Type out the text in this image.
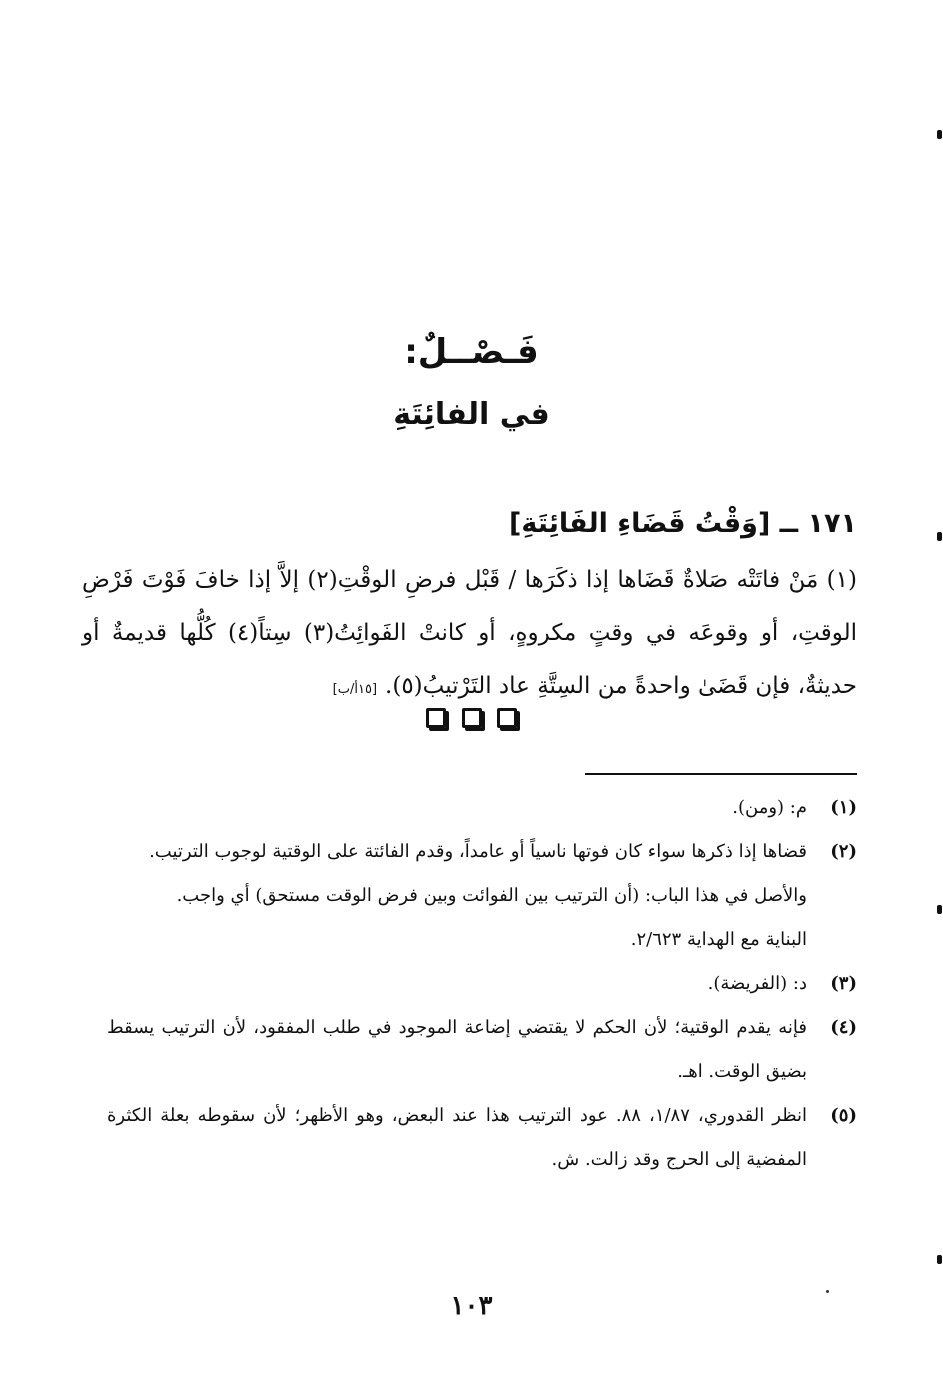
فَـصْــلٌ:
في الفائِتَةِ
١٧١ ــ [وَقْتُ قَضَاءِ الفَائِتَةِ]

(١) مَنْ فاتَتْه صَلاةٌ قَضَاها إذا ذكَرَها / قَبْل فرضِ الوقْتِ(٢) إلاَّ إذا خافَ فَوْتَ فَرْضِ الوقتِ، أو وقوعَه في وقتٍ مكروهٍ، أو كانتْ الفَوائِتُ(٣) سِتاً(٤) كُلُّها قديمةٌ أو حديثةٌ، فإن قَضَىٰ واحدةً من السِتَّةِ عاد التَرْتيبُ(٥).[١٥أ/ب]

(١)
م: (ومن).

(٢)
قضاها إذا ذكرها سواء كان فوتها ناسياً أو عامداً، وقدم الفائتة على الوقتية لوجوب الترتيب.

والأصل في هذا الباب: (أن الترتيب بين الفوائت وبين فرض الوقت مستحق) أي واجب.

البناية مع الهداية ٢/٦٢٣.

(٣)
د: (الفريضة).

(٤)
فإنه يقدم الوقتية؛ لأن الحكم لا يقتضي إضاعة الموجود في طلب المفقود، لأن الترتيب يسقط بضيق الوقت. اهـ.

(٥)
انظر القدوري، ١/٨٧، ٨٨. عود الترتيب هذا عند البعض، وهو الأظهر؛ لأن سقوطه بعلة الكثرة المفضية إلى الحرج وقد زالت. ش.

١٠٣
